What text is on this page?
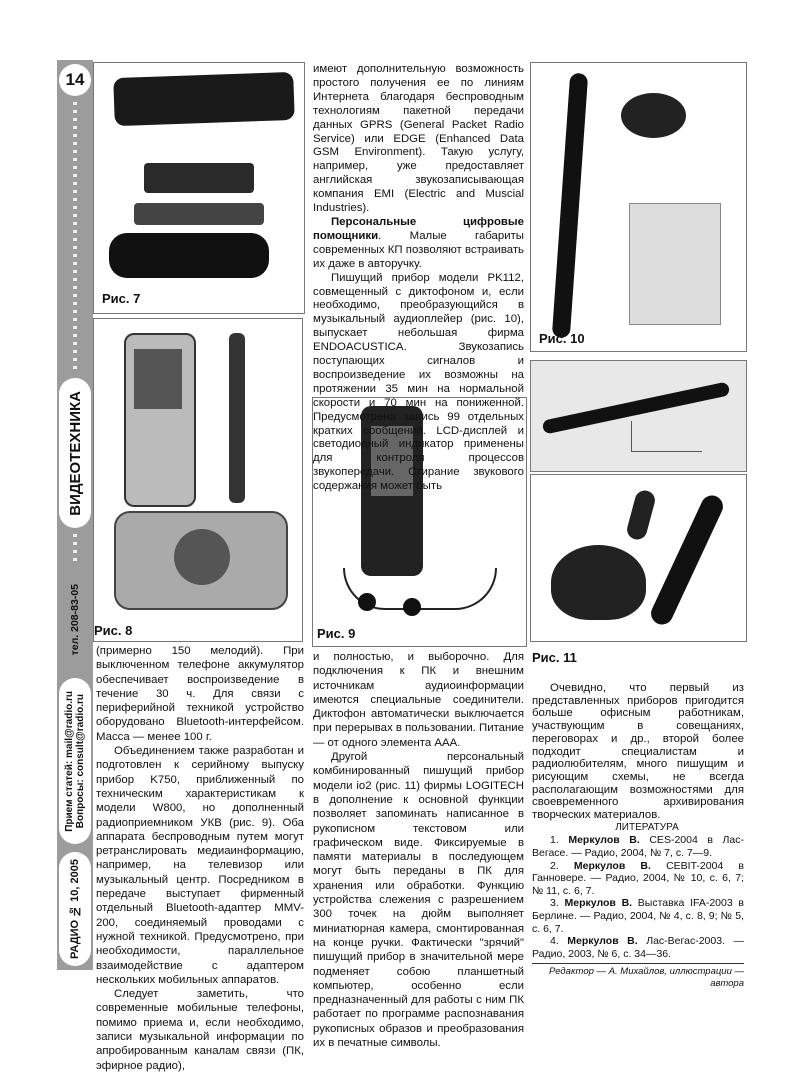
14
ВИДЕОТЕХНИКА
тел. 208-83-05
Прием статей: mail@radio.ru Вопросы: consult@radio.ru
РАДИО № 10, 2005
Рис. 7
Рис. 8	Рис. 9
Рис. 10
Рис. 11

(примерно 150 мелодий). При выключенном телефоне аккумулятор обеспечивает воспроизведение в течение 30 ч. Для связи с периферийной техникой устройство оборудовано Bluetooth-интерфейсом. Масса — менее 100 г.

Объединением также разработан и подготовлен к серийному выпуску прибор K750, приближенный по техническим характеристикам к модели W800, но дополненный радиоприемником УКВ (рис. 9). Оба аппарата беспроводным путем могут ретранслировать медиаинформацию, например, на телевизор или музыкальный центр. Посредником в передаче выступает фирменный отдельный Bluetooth-адаптер MMV-200, соединяемый проводами с нужной техникой. Предусмотрено, при необходимости, параллельное взаимодействие с адаптером нескольких мобильных аппаратов.

Следует заметить, что современные мобильные телефоны, помимо приема и, если необходимо, записи музыкальной информации по апробированным каналам связи (ПК, эфирное радио),

имеют дополнительную возможность простого получения ее по линиям Интернета благодаря беспроводным технологиям пакетной передачи данных GPRS (General Packet Radio Service) или EDGE (Enhanced Data GSM Environment). Такую услугу, например, уже предоставляет английская звукозаписывающая компания EMI (Electric and Muscial Industries).

Персональные цифровые помощники. Малые габариты современных КП позволяют встраивать их даже в авторучку.

Пишущий прибор модели PK112, совмещенный с диктофоном и, если необходимо, преобразующийся в музыкальный аудиоплейер (рис. 10), выпускает небольшая фирма ENDOACUSTICA. Звукозапись поступающих сигналов и воспроизведение их возможны на протяжении 35 мин на нормальной скорости и 70 мин на пониженной. Предусмотрена запись 99 отдельных кратких сообщений. LCD-дисплей и светодиодный индикатор применены для контроля процессов звукопередачи. Стирание звукового содержания может быть

и полностью, и выборочно. Для подключения к ПК и внешним источникам аудиоинформации имеются специальные соединители. Диктофон автоматически выключается при перерывах в пользовании. Питание — от одного элемента AAA.

Другой персональный комбинированный пишущий прибор модели io2 (рис. 11) фирмы LOGITECH в дополнение к основной функции позволяет запоминать написанное в рукописном текстовом или графическом виде. Фиксируемые в памяти материалы в последующем могут быть переданы в ПК для хранения или обработки. Функцию устройства слежения с разрешением 300 точек на дюйм выполняет миниатюрная камера, смонтированная на конце ручки. Фактически "зрячий" пишущий прибор в значительной мере подменяет собою планшетный компьютер, особенно если предназначенный для работы с ним ПК работает по программе распознавания рукописных образов и преобразования их в печатные символы.

Очевидно, что первый из представленных приборов пригодится больше офисным работникам, участвующим в совещаниях, переговорах и др., второй более подходит специалистам и радиолюбителям, много пишущим и рисующим схемы, не всегда располагающим возможностями для своевременного архивирования творческих материалов.

ЛИТЕРАТУРА

1. Меркулов В. CES-2004 в Лас-Вегасе. — Радио, 2004, № 7, с. 7—9.

2. Меркулов В. CEBIT-2004 в Ганновере. — Радио, 2004, № 10, с. 6, 7; № 11, с. 6, 7.

3. Меркулов В. Выставка IFA-2003 в Берлине. — Радио, 2004, № 4, с. 8, 9; № 5, с. 6, 7.

4. Меркулов В. Лас-Вегас-2003. — Радио, 2003, № 6, с. 34—36.

Редактор — А. Михайлов, иллюстрации — автора
